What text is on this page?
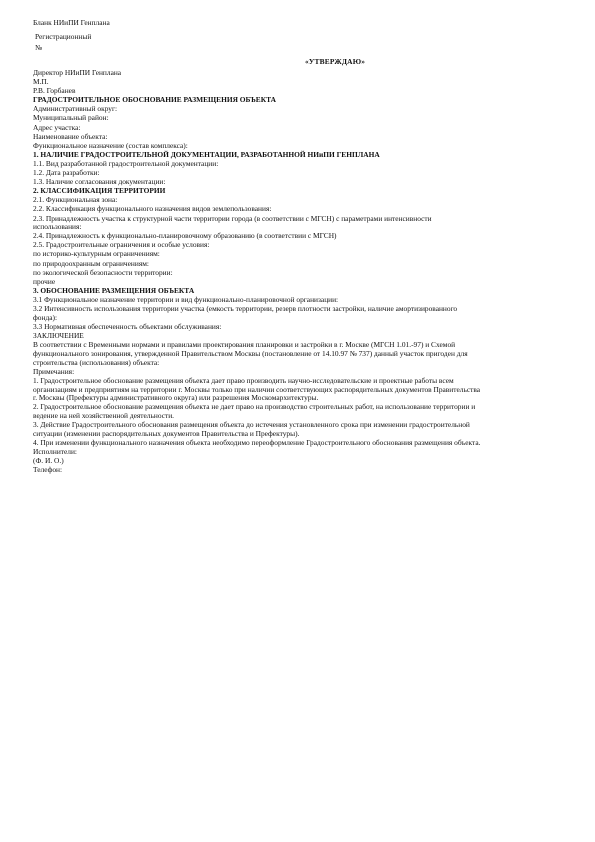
Бланк НИиПИ Генплана
Регистрационный
№
«УТВЕРЖДАЮ»
Директор НИиПИ Генплана
М.П.
Р.В. Горбанев
ГРАДОСТРОИТЕЛЬНОЕ ОБОСНОВАНИЕ РАЗМЕЩЕНИЯ ОБЪЕКТА
Административный округ:
Муниципальный район:
Адрес участка:
Наименование объекта:
Функциональное назначение (состав комплекса):
1. НАЛИЧИЕ ГРАДОСТРОИТЕЛЬНОЙ ДОКУМЕНТАЦИИ, РАЗРАБОТАННОЙ НИиПИ ГЕНПЛАНА
1.1. Вид разработанной градостроительной документации:
1.2. Дата разработки:
1.3. Наличие согласования документации:
2. КЛАССИФИКАЦИЯ ТЕРРИТОРИИ
2.1. Функциональная зона:
2.2. Классификация функционального назначения видов землепользования:
2.3. Принадлежность участка к структурной части территории города (в соответствии с МГСН) с параметрами интенсивности использования:
2.4. Принадлежность к функционально-планировочному образованию (в соответствии с МГСН)
2.5. Градостроительные ограничения и особые условия:
по историко-культурным ограничениям:
по природоохранным ограничениям:
по экологической безопасности территории:
прочие
3. ОБОСНОВАНИЕ РАЗМЕЩЕНИЯ ОБЪЕКТА
3.1 Функциональное назначение территории и вид функционально-планировочной организации:
3.2 Интенсивность использования территории участка (емкость территории, резерв плотности застройки, наличие амортизированного фонда):
3.3 Нормативная обеспеченность объектами обслуживания:
ЗАКЛЮЧЕНИЕ
В соответствии с Временными нормами и правилами проектирования планировки и застройки в г. Москве (МГСН 1.01.-97) и Схемой функционального зонирования, утвержденной Правительством Москвы (постановление от 14.10.97 № 737) данный участок пригоден для строительства (использования) объекта:
Примечания:
1. Градостроительное обоснование размещения объекта дает право производить научно-исследовательские и проектные работы всем организациям и предприятиям на территории г. Москвы только при наличии соответствующих распорядительных документов Правительства г. Москвы (Префектуры административного округа) или разрешения Москомархитектуры.
2. Градостроительное обоснование размещения объекта не дает право на производство строительных работ, на использование территории и ведение на ней хозяйственной деятельности.
3. Действие Градостроительного обоснования размещения объекта до истечения установленного срока при изменении градостроительной ситуации (изменении распорядительных документов Правительства и Префектуры).
4. При изменении функционального назначения объекта необходимо переоформление Градостроительного обоснования размещения объекта.
Исполнители:
(Ф. И. О.)
Телефон:
